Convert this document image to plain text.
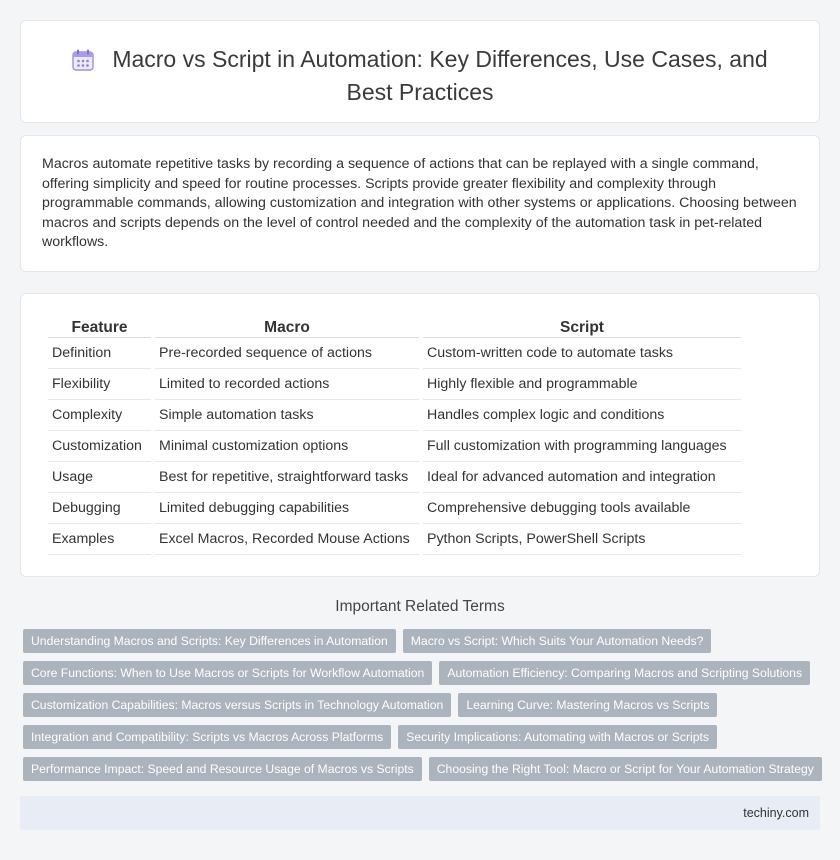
Macro vs Script in Automation: Key Differences, Use Cases, and Best Practices

Macros automate repetitive tasks by recording a sequence of actions that can be replayed with a single command, offering simplicity and speed for routine processes. Scripts provide greater flexibility and complexity through programmable commands, allowing customization and integration with other systems or applications. Choosing between macros and scripts depends on the level of control needed and the complexity of the automation task in pet-related workflows.

Feature	Macro	Script
Definition	Pre-recorded sequence of actions	Custom-written code to automate tasks
Flexibility	Limited to recorded actions	Highly flexible and programmable
Complexity	Simple automation tasks	Handles complex logic and conditions
Customization	Minimal customization options	Full customization with programming languages
Usage	Best for repetitive, straightforward tasks	Ideal for advanced automation and integration
Debugging	Limited debugging capabilities	Comprehensive debugging tools available
Examples	Excel Macros, Recorded Mouse Actions	Python Scripts, PowerShell Scripts
Important Related Terms
Understanding Macros and Scripts: Key Differences in Automation	Macro vs Script: Which Suits Your Automation Needs?
Core Functions: When to Use Macros or Scripts for Workflow Automation	Automation Efficiency: Comparing Macros and Scripting Solutions
Customization Capabilities: Macros versus Scripts in Technology Automation	Learning Curve: Mastering Macros vs Scripts
Integration and Compatibility: Scripts vs Macros Across Platforms	Security Implications: Automating with Macros or Scripts
Performance Impact: Speed and Resource Usage of Macros vs Scripts	Choosing the Right Tool: Macro or Script for Your Automation Strategy
techiny.com
